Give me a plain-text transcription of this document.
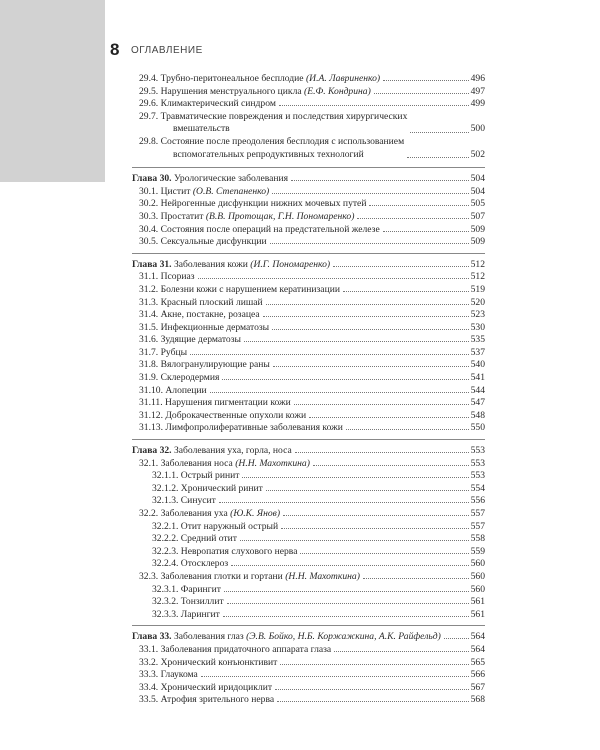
8 ОГЛАВЛЕНИЕ
29.4. Трубно-перитонеальное бесплодие (И.А. Лавриненко)	496
29.5. Нарушения менструального цикла (Е.Ф. Кондрина)	497
29.6. Климактерический синдром	499
29.7. Травматические повреждения и последствия хирургических
вмешательств	500
29.8. Состояние после преодоления бесплодия с использованием
вспомогательных репродуктивных технологий	502
Глава 30. Урологические заболевания	504
30.1. Цистит (О.В. Степаненко)	504
30.2. Нейрогенные дисфункции нижних мочевых путей	505
30.3. Простатит (В.В. Протощак, Г.Н. Пономаренко)	507
30.4. Состояния после операций на предстательной железе	509
30.5. Сексуальные дисфункции	509
Глава 31. Заболевания кожи (И.Г. Пономаренко)	512
31.1. Псориаз	512
31.2. Болезни кожи с нарушением кератинизации	519
31.3. Красный плоский лишай	520
31.4. Акне, постакне, розацеа	523
31.5. Инфекционные дерматозы	530
31.6. Зудящие дерматозы	535
31.7. Рубцы	537
31.8. Вялогранулирующие раны	540
31.9. Склеродермия	541
31.10. Алопеции	544
31.11. Нарушения пигментации кожи	547
31.12. Доброкачественные опухоли кожи	548
31.13. Лимфопролиферативные заболевания кожи	550
Глава 32. Заболевания уха, горла, носа	553
32.1. Заболевания носа (Н.Н. Махоткина)	553
32.1.1. Острый ринит	553
32.1.2. Хронический ринит	554
32.1.3. Синусит	556
32.2. Заболевания уха (Ю.К. Янов)	557
32.2.1. Отит наружный острый	557
32.2.2. Средний отит	558
32.2.3. Невропатия слухового нерва	559
32.2.4. Отосклероз	560
32.3. Заболевания глотки и гортани (Н.Н. Махоткина)	560
32.3.1. Фарингит	560
32.3.2. Тонзиллит	561
32.3.3. Ларингит	561
Глава 33. Заболевания глаз (Э.В. Бойко, Н.Б. Коржажкина, А.К. Райфельд)	564
33.1. Заболевания придаточного аппарата глаза	564
33.2. Хронический конъюнктивит	565
33.3. Глаукома	566
33.4. Хронический иридоциклит	567
33.5. Атрофия зрительного нерва	568
